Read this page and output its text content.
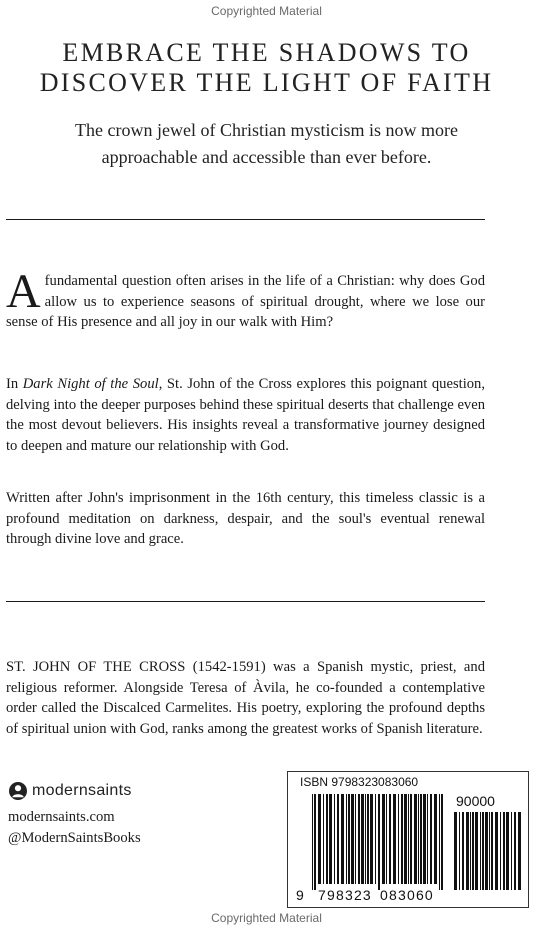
Copyrighted Material
EMBRACE THE SHADOWS TO
DISCOVER THE LIGHT OF FAITH
The crown jewel of Christian mysticism is now more
approachable and accessible than ever before.
Afundamental question often arises in the life of a Christian: why does God allow us to experience seasons of spiritual drought, where we lose our sense of His presence and all joy in our walk with Him?
In Dark Night of the Soul, St. John of the Cross explores this poignant question, delving into the deeper purposes behind these spiritual deserts that challenge even the most devout believers. His insights reveal a transformative journey designed to deepen and mature our relationship with God.
Written after John's imprisonment in the 16th century, this timeless classic is a profound meditation on darkness, despair, and the soul's eventual renewal through divine love and grace.
ST. JOHN OF THE CROSS (1542-1591) was a Spanish mystic, priest, and religious reformer. Alongside Teresa of Àvila, he co-founded a contemplative order called the Discalced Carmelites. His poetry, exploring the profound depths of spiritual union with God, ranks among the greatest works of Spanish literature.
modernsaints
modernsaints.com
@ModernSaintsBooks
ISBN 9798323083060
90000
9 798323 083060
Copyrighted Material
